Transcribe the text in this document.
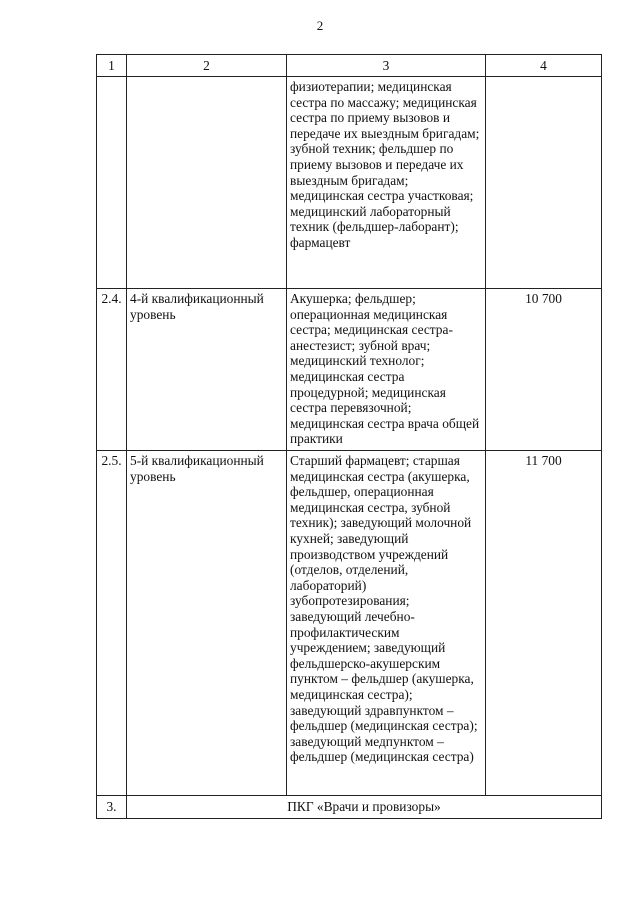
2
1	2	3	4

		физиотерапии; медицинская сестра по массажу; медицинская сестра по приему вызовов и передаче их выездным бригадам; зубной техник; фельдшер по приему вызовов и передаче их выездным бригадам; медицинская сестра участковая; медицинский лабораторный техник (фельдшер-лаборант); фармацевт	

2.4.	4-й квалификационный уровень	Акушерка; фельдшер; операционная медицинская сестра; медицинская сестра-анестезист; зубной врач; медицинский технолог; медицинская сестра процедурной; медицинская сестра перевязочной; медицинская сестра врача общей практики	10 700
2.5.	5-й квалификационный уровень	Старший фармацевт; старшая медицинская сестра (акушерка, фельдшер, операционная медицинская сестра, зубной техник); заведующий молочной кухней; заведующий производством учреждений (отделов, отделений, лабораторий) зубопротезирования; заведующий лечебно-профилактическим учреждением; заведующий фельдшерско-акушерским пунктом – фельдшер (акушерка, медицинская сестра); заведующий здравпунктом – фельдшер (медицинская сестра); заведующий медпунктом – фельдшер (медицинская сестра)	11 700
3.	ПКГ «Врачи и провизоры»		
